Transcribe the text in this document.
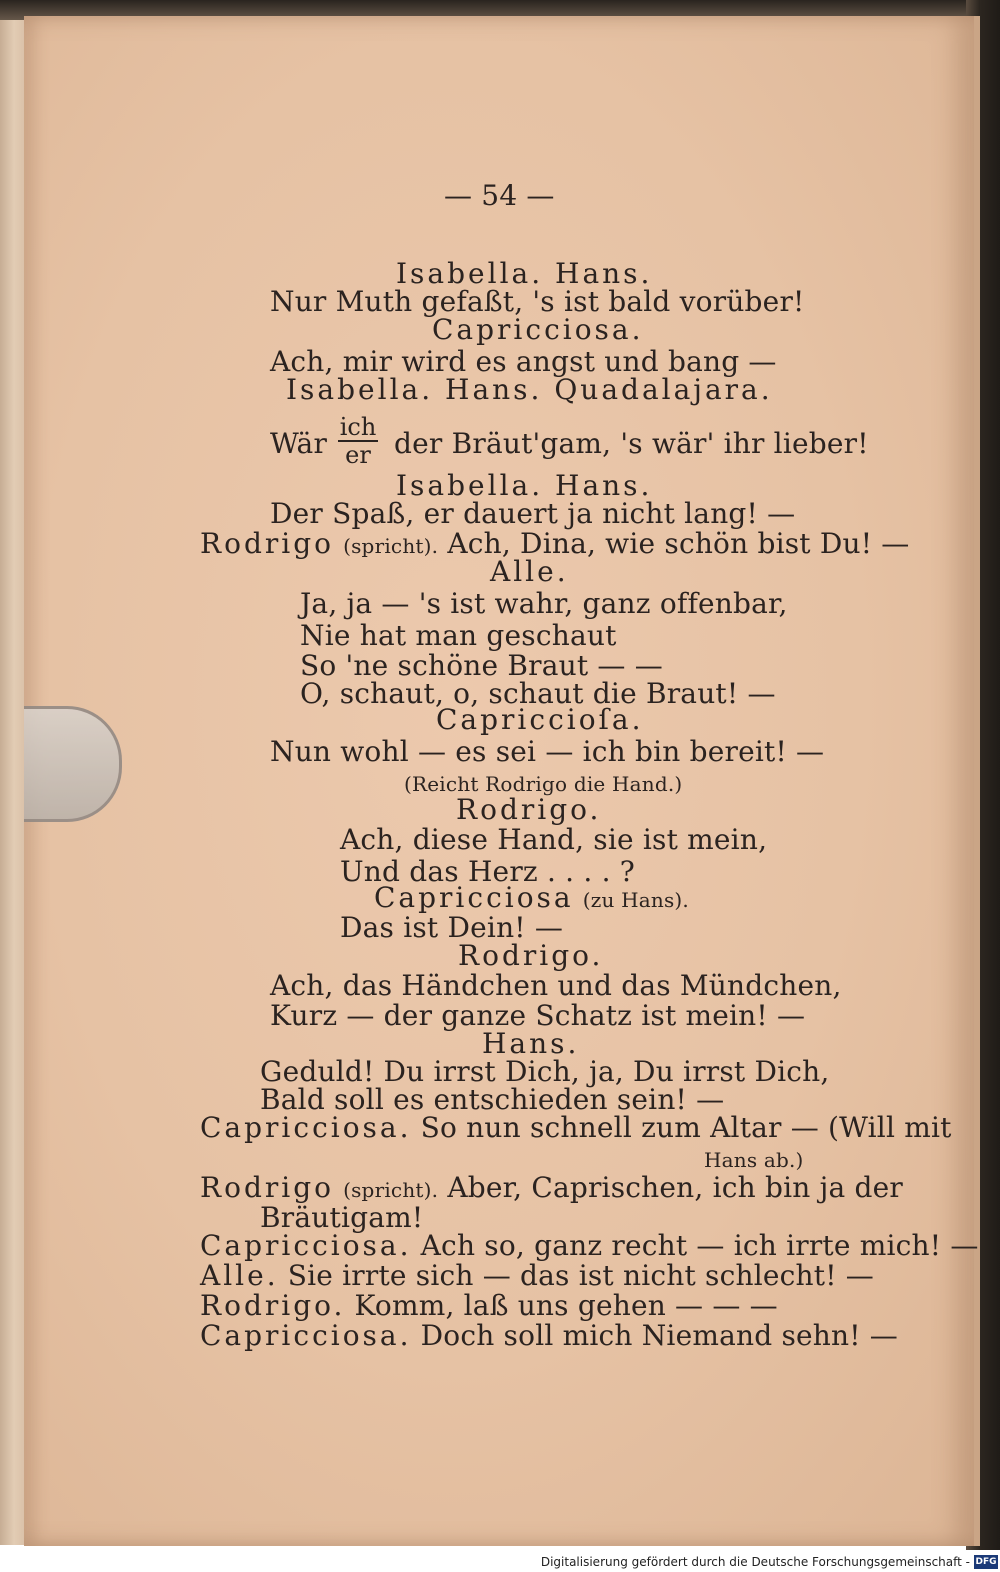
— 54 —
Isabella. Hans.
Nur Muth gefaßt, 's ist bald vorüber!
Capricciosa.
Ach, mir wird es angst und bang —
Isabella. Hans. Quadalajara.
Wär ich
er der Bräut'gam, 's wär' ihr lieber!
Isabella. Hans.
Der Spaß, er dauert ja nicht lang! —
Rodrigo (spricht). Ach, Dina, wie schön bist Du! —
Alle.
Ja, ja — 's ist wahr, ganz offenbar,
Nie hat man geschaut
So 'ne schöne Braut — —
O, schaut, o, schaut die Braut! —
Capriccioſa.
Nun wohl — es sei — ich bin bereit! —
(Reicht Rodrigo die Hand.)
Rodrigo.
Ach, diese Hand, sie ist mein,
Und das Herz . . . . ?
Capricciosa (zu Hans).
Das ist Dein! —
Rodrigo.
Ach, das Händchen und das Mündchen,
Kurz — der ganze Schatz ist mein! —
Hans.
Geduld! Du irrst Dich, ja, Du irrst Dich,
Bald soll es entschieden sein! —
Capricciosa. So nun schnell zum Altar — (Will mit
Hans ab.)
Rodrigo (spricht). Aber, Caprischen, ich bin ja der
Bräutigam!
Capricciosa. Ach so, ganz recht — ich irrte mich! —
Alle. Sie irrte sich — das ist nicht schlecht! —
Rodrigo. Komm, laß uns gehen — — —
Capricciosa. Doch soll mich Niemand sehn! —
Digitalisierung gefördert durch die Deutsche Forschungsgemeinschaft - DFG
